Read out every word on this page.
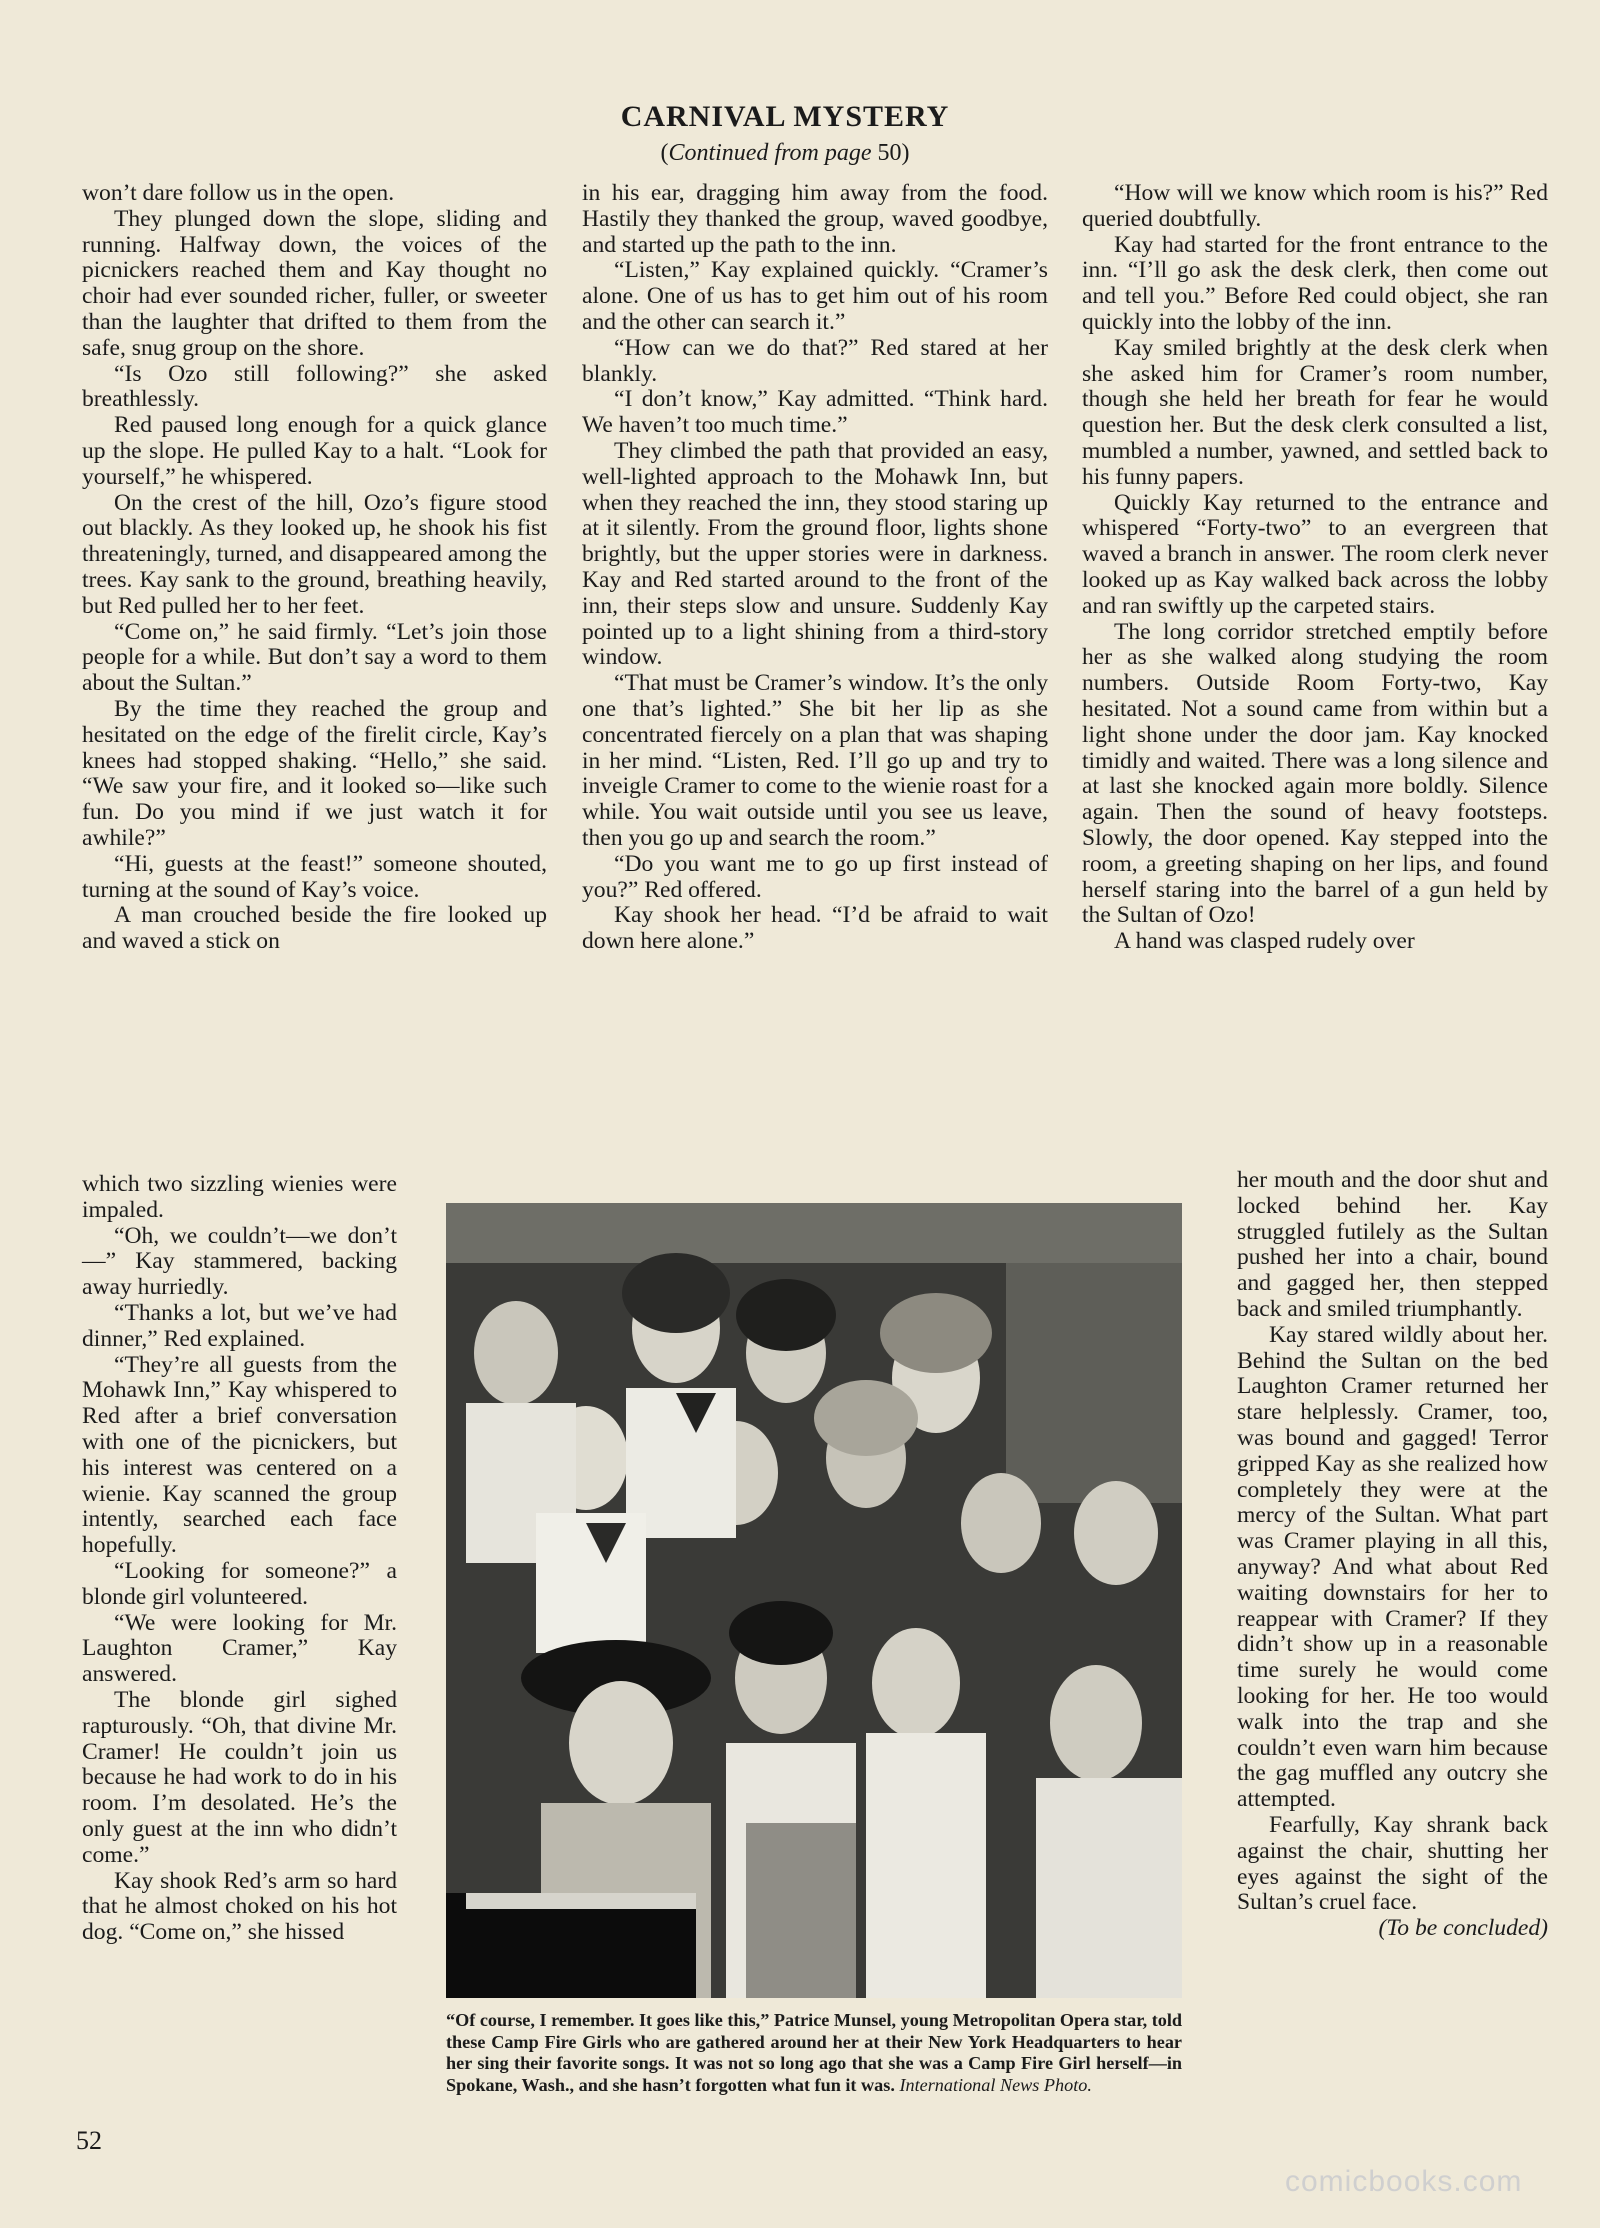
CARNIVAL MYSTERY
(Continued from page 50)

won’t dare follow us in the open.

They plunged down the slope, sliding and running. Halfway down, the voices of the picnickers reached them and Kay thought no choir had ever sounded richer, fuller, or sweeter than the laughter that drifted to them from the safe, snug group on the shore.

“Is Ozo still following?” she asked breathlessly.

Red paused long enough for a quick glance up the slope. He pulled Kay to a halt. “Look for yourself,” he whispered.

On the crest of the hill, Ozo’s figure stood out blackly. As they looked up, he shook his fist threateningly, turned, and disappeared among the trees. Kay sank to the ground, breathing heavily, but Red pulled her to her feet.

“Come on,” he said firmly. “Let’s join those people for a while. But don’t say a word to them about the Sultan.”

By the time they reached the group and hesitated on the edge of the firelit circle, Kay’s knees had stopped shaking. “Hello,” she said. “We saw your fire, and it looked so—like such fun. Do you mind if we just watch it for awhile?”

“Hi, guests at the feast!” someone shouted, turning at the sound of Kay’s voice.

A man crouched beside the fire looked up and waved a stick on

which two sizzling wienies were impaled.

“Oh, we couldn’t—we don’t—” Kay stammered, backing away hurriedly.

“Thanks a lot, but we’ve had dinner,” Red explained.

“They’re all guests from the Mohawk Inn,” Kay whispered to Red after a brief conversation with one of the picnickers, but his interest was centered on a wienie. Kay scanned the group intently, searched each face hopefully.

“Looking for someone?” a blonde girl volunteered.

“We were looking for Mr. Laughton Cramer,” Kay answered.

The blonde girl sighed rapturously. “Oh, that divine Mr. Cramer! He couldn’t join us because he had work to do in his room. I’m desolated. He’s the only guest at the inn who didn’t come.”

Kay shook Red’s arm so hard that he almost choked on his hot dog. “Come on,” she hissed

in his ear, dragging him away from the food. Hastily they thanked the group, waved goodbye, and started up the path to the inn.

“Listen,” Kay explained quickly. “Cramer’s alone. One of us has to get him out of his room and the other can search it.”

“How can we do that?” Red stared at her blankly.

“I don’t know,” Kay admitted. “Think hard. We haven’t too much time.”

They climbed the path that provided an easy, well-lighted approach to the Mohawk Inn, but when they reached the inn, they stood staring up at it silently. From the ground floor, lights shone brightly, but the upper stories were in darkness. Kay and Red started around to the front of the inn, their steps slow and unsure. Suddenly Kay pointed up to a light shining from a third-story window.

“That must be Cramer’s window. It’s the only one that’s lighted.” She bit her lip as she concentrated fiercely on a plan that was shaping in her mind. “Listen, Red. I’ll go up and try to inveigle Cramer to come to the wienie roast for a while. You wait outside until you see us leave, then you go up and search the room.”

“Do you want me to go up first instead of you?” Red offered.

Kay shook her head. “I’d be afraid to wait down here alone.”

“How will we know which room is his?” Red queried doubtfully.

Kay had started for the front entrance to the inn. “I’ll go ask the desk clerk, then come out and tell you.” Before Red could object, she ran quickly into the lobby of the inn.

Kay smiled brightly at the desk clerk when she asked him for Cramer’s room number, though she held her breath for fear he would question her. But the desk clerk consulted a list, mumbled a number, yawned, and settled back to his funny papers.

Quickly Kay returned to the entrance and whispered “Forty-two” to an evergreen that waved a branch in answer. The room clerk never looked up as Kay walked back across the lobby and ran swiftly up the carpeted stairs.

The long corridor stretched emptily before her as she walked along studying the room numbers. Outside Room Forty-two, Kay hesitated. Not a sound came from within but a light shone under the door jam. Kay knocked timidly and waited. There was a long silence and at last she knocked again more boldly. Silence again. Then the sound of heavy footsteps. Slowly, the door opened. Kay stepped into the room, a greeting shaping on her lips, and found herself staring into the barrel of a gun held by the Sultan of Ozo!

A hand was clasped rudely over

her mouth and the door shut and locked behind her. Kay struggled futilely as the Sultan pushed her into a chair, bound and gagged her, then stepped back and smiled triumphantly.

Kay stared wildly about her. Behind the Sultan on the bed Laughton Cramer returned her stare helplessly. Cramer, too, was bound and gagged! Terror gripped Kay as she realized how completely they were at the mercy of the Sultan. What part was Cramer playing in all this, anyway? And what about Red waiting downstairs for her to reappear with Cramer? If they didn’t show up in a reasonable time surely he would come looking for her. He too would walk into the trap and she couldn’t even warn him because the gag muffled any outcry she attempted.

Fearfully, Kay shrank back against the chair, shutting her eyes against the sight of the Sultan’s cruel face.

(To be concluded)

“Of course, I remember. It goes like this,” Patrice Munsel, young Metropolitan Opera star, told these Camp Fire Girls who are gathered around her at their New York Headquarters to hear her sing their favorite songs. It was not so long ago that she was a Camp Fire Girl herself—in Spokane, Wash., and she hasn’t forgotten what fun it was. International News Photo.
52
comicbooks.com
